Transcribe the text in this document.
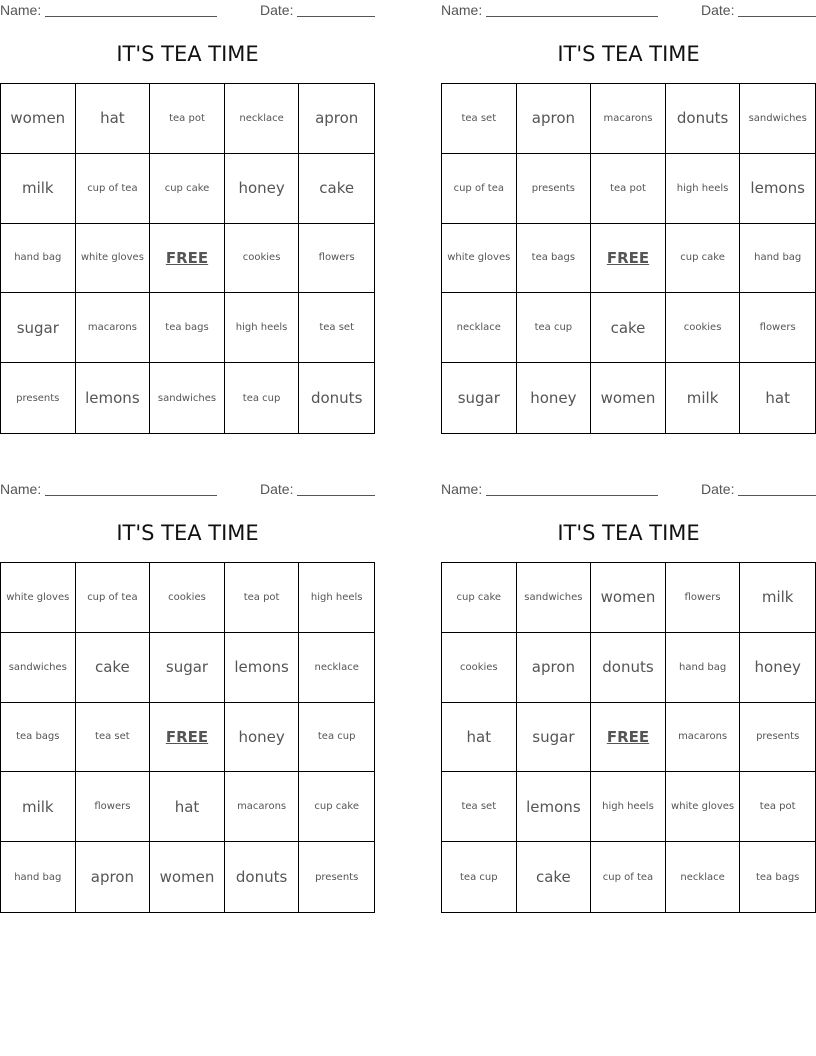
Name:	Date:
IT'S TEA TIME
women	hat	tea pot	necklace	apron
milk	cup of tea	cup cake	honey	cake
hand bag	white gloves	FREE	cookies	flowers
sugar	macarons	tea bags	high heels	tea set
presents	lemons	sandwiches	tea cup	donuts
Name:	Date:
IT'S TEA TIME
tea set	apron	macarons	donuts	sandwiches
cup of tea	presents	tea pot	high heels	lemons
white gloves	tea bags	FREE	cup cake	hand bag
necklace	tea cup	cake	cookies	flowers
sugar	honey	women	milk	hat
Name:	Date:
IT'S TEA TIME
white gloves	cup of tea	cookies	tea pot	high heels
sandwiches	cake	sugar	lemons	necklace
tea bags	tea set	FREE	honey	tea cup
milk	flowers	hat	macarons	cup cake
hand bag	apron	women	donuts	presents
Name:	Date:
IT'S TEA TIME
cup cake	sandwiches	women	flowers	milk
cookies	apron	donuts	hand bag	honey
hat	sugar	FREE	macarons	presents
tea set	lemons	high heels	white gloves	tea pot
tea cup	cake	cup of tea	necklace	tea bags
